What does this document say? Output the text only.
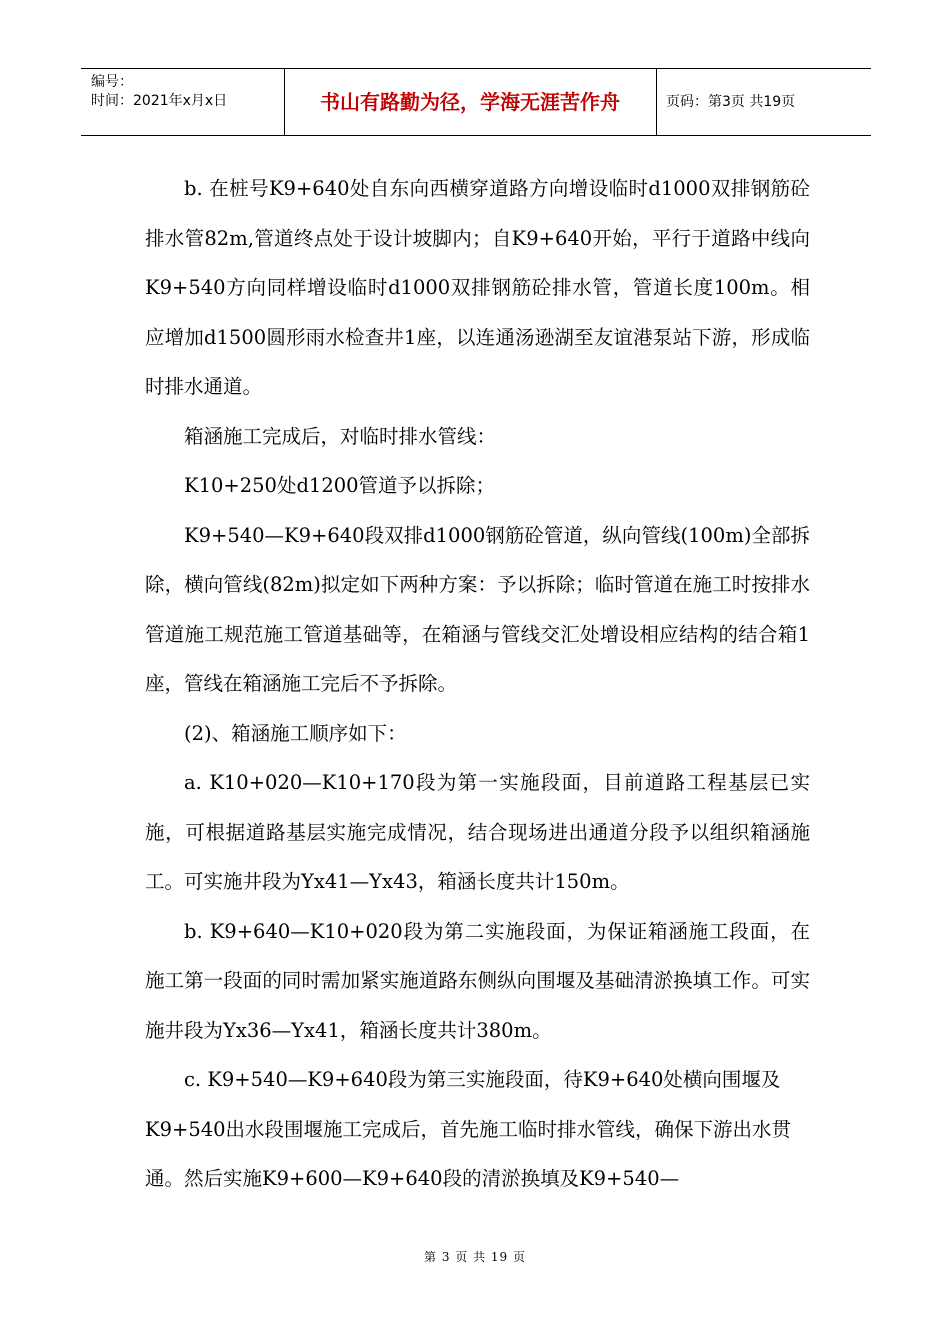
编号：
时间：2021年x月x日	书山有路勤为径，学海无涯苦作舟	页码：第3页 共19页

b. 在桩号K9+640处自东向西横穿道路方向增设临时d1000双排钢筋砼排水管82m,管道终点处于设计坡脚内；自K9+640开始，平行于道路中线向K9+540方向同样增设临时d1000双排钢筋砼排水管，管道长度100m。相应增加d1500圆形雨水检查井1座，以连通汤逊湖至友谊港泵站下游，形成临时排水通道。

箱涵施工完成后，对临时排水管线：

K10+250处d1200管道予以拆除；

K9+540—K9+640段双排d1000钢筋砼管道，纵向管线(100m)全部拆除，横向管线(82m)拟定如下两种方案：予以拆除；临时管道在施工时按排水管道施工规范施工管道基础等，在箱涵与管线交汇处增设相应结构的结合箱1座，管线在箱涵施工完后不予拆除。

(2)、箱涵施工顺序如下：

a. K10+020—K10+170段为第一实施段面，目前道路工程基层已实施，可根据道路基层实施完成情况，结合现场进出通道分段予以组织箱涵施工。可实施井段为Yx41—Yx43，箱涵长度共计150m。

b. K9+640—K10+020段为第二实施段面，为保证箱涵施工段面，在施工第一段面的同时需加紧实施道路东侧纵向围堰及基础清淤换填工作。可实施井段为Yx36—Yx41，箱涵长度共计380m。

c. K9+540—K9+640段为第三实施段面，待K9+640处横向围堰及K9+540出水段围堰施工完成后，首先施工临时排水管线，确保下游出水贯通。然后实施K9+600—K9+640段的清淤换填及K9+540—

第 3 页 共 19 页
